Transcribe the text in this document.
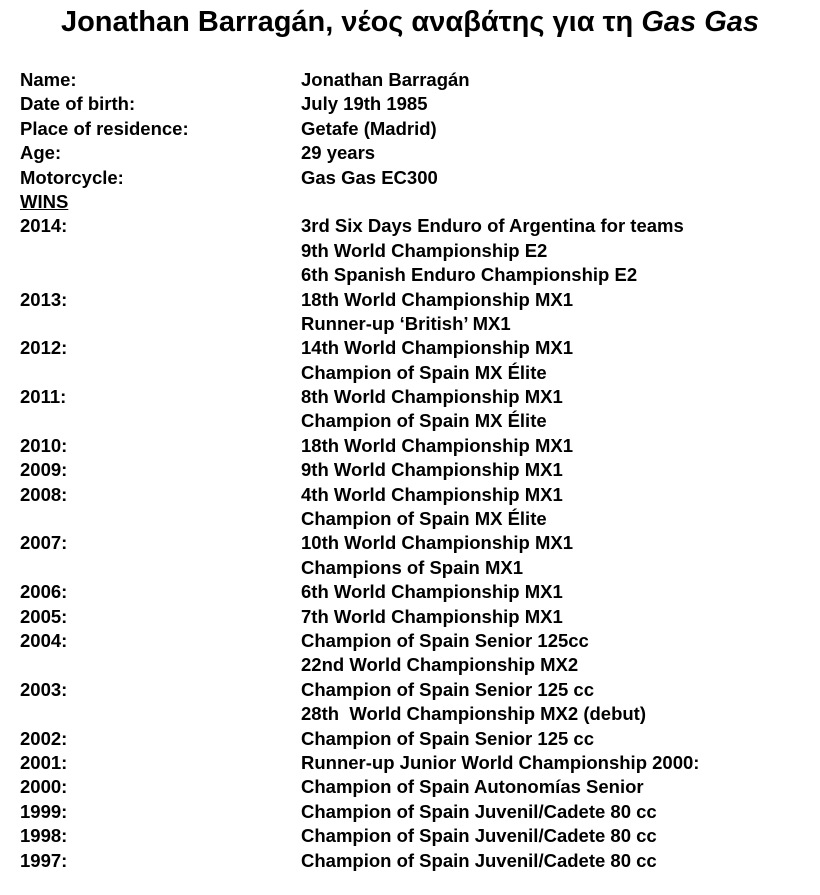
Jonathan Barragán, νέος αναβάτης για τη Gas Gas
Name:	Jonathan Barragán
Date of birth:	July 19th 1985
Place of residence:	Getafe (Madrid)
Age:	29 years
Motorcycle:	Gas Gas EC300
WINS
2014:	3rd Six Days Enduro of Argentina for teams
9th World Championship E2
6th Spanish Enduro Championship E2
2013:	18th World Championship MX1
Runner-up ‘British’ MX1
2012:	14th World Championship MX1
Champion of Spain MX Élite
2011:	8th World Championship MX1
Champion of Spain MX Élite
2010:	18th World Championship MX1
2009:	9th World Championship MX1
2008:	4th World Championship MX1
Champion of Spain MX Élite
2007:	10th World Championship MX1
Champions of Spain MX1
2006:	6th World Championship MX1
2005:	7th World Championship MX1
2004:	Champion of Spain Senior 125cc
22nd World Championship MX2
2003:	Champion of Spain Senior 125 cc
28th  World Championship MX2 (debut)
2002:	Champion of Spain Senior 125 cc
2001:	Runner-up Junior World Championship 2000:
2000:	Champion of Spain Autonomías Senior
1999:	Champion of Spain Juvenil/Cadete 80 cc
1998:	Champion of Spain Juvenil/Cadete 80 cc
1997:	Champion of Spain Juvenil/Cadete 80 cc
